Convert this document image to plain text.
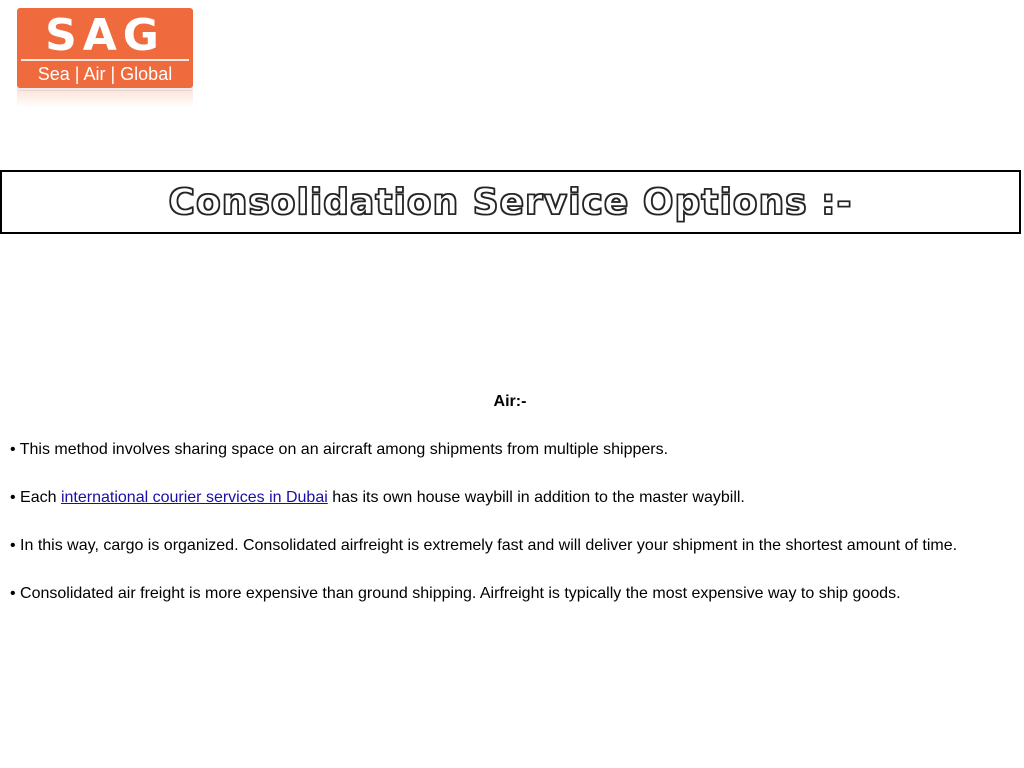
SAG
Sea | Air | Global
Consolidation Service Options :-

Air:-

• This method involves sharing space on an aircraft among shipments from multiple shippers.

• Each international courier services in Dubai has its own house waybill in addition to the master waybill.

• In this way, cargo is organized. Consolidated airfreight is extremely fast and will deliver your shipment in the shortest amount of time.

• Consolidated air freight is more expensive than ground shipping. Airfreight is typically the most expensive way to ship goods.
